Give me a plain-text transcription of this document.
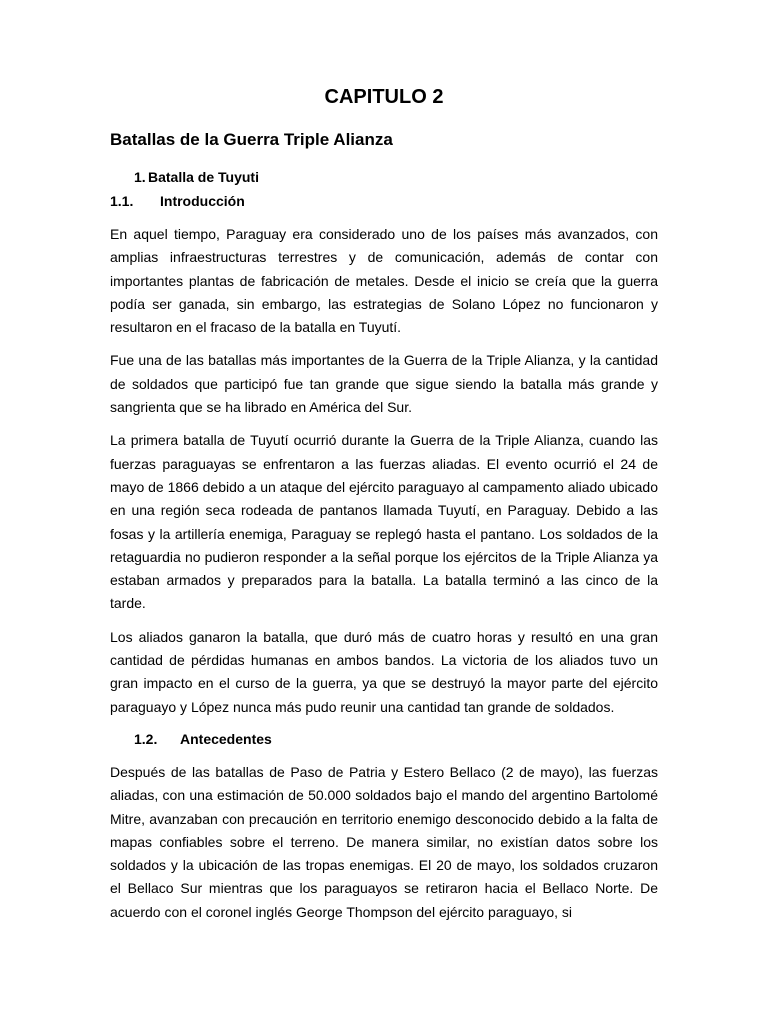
CAPITULO 2
Batallas de la Guerra Triple Alianza
1. Batalla de Tuyuti
1.1.	Introducción

En aquel tiempo, Paraguay era considerado uno de los países más avanzados, con amplias infraestructuras terrestres y de comunicación, además de contar con importantes plantas de fabricación de metales. Desde el inicio se creía que la guerra podía ser ganada, sin embargo, las estrategias de Solano López no funcionaron y resultaron en el fracaso de la batalla en Tuyutí.

Fue una de las batallas más importantes de la Guerra de la Triple Alianza, y la cantidad de soldados que participó fue tan grande que sigue siendo la batalla más grande y sangrienta que se ha librado en América del Sur.

La primera batalla de Tuyutí ocurrió durante la Guerra de la Triple Alianza, cuando las fuerzas paraguayas se enfrentaron a las fuerzas aliadas. El evento ocurrió el 24 de mayo de 1866 debido a un ataque del ejército paraguayo al campamento aliado ubicado en una región seca rodeada de pantanos llamada Tuyutí, en Paraguay. Debido a las fosas y la artillería enemiga, Paraguay se replegó hasta el pantano. Los soldados de la retaguardia no pudieron responder a la señal porque los ejércitos de la Triple Alianza ya estaban armados y preparados para la batalla. La batalla terminó a las cinco de la tarde.

Los aliados ganaron la batalla, que duró más de cuatro horas y resultó en una gran cantidad de pérdidas humanas en ambos bandos. La victoria de los aliados tuvo un gran impacto en el curso de la guerra, ya que se destruyó la mayor parte del ejército paraguayo y López nunca más pudo reunir una cantidad tan grande de soldados.

1.2.	Antecedentes

Después de las batallas de Paso de Patria y Estero Bellaco (2 de mayo), las fuerzas aliadas, con una estimación de 50.000 soldados bajo el mando del argentino Bartolomé Mitre, avanzaban con precaución en territorio enemigo desconocido debido a la falta de mapas confiables sobre el terreno. De manera similar, no existían datos sobre los soldados y la ubicación de las tropas enemigas. El 20 de mayo, los soldados cruzaron el Bellaco Sur mientras que los paraguayos se retiraron hacia el Bellaco Norte. De acuerdo con el coronel inglés George Thompson del ejército paraguayo, si
